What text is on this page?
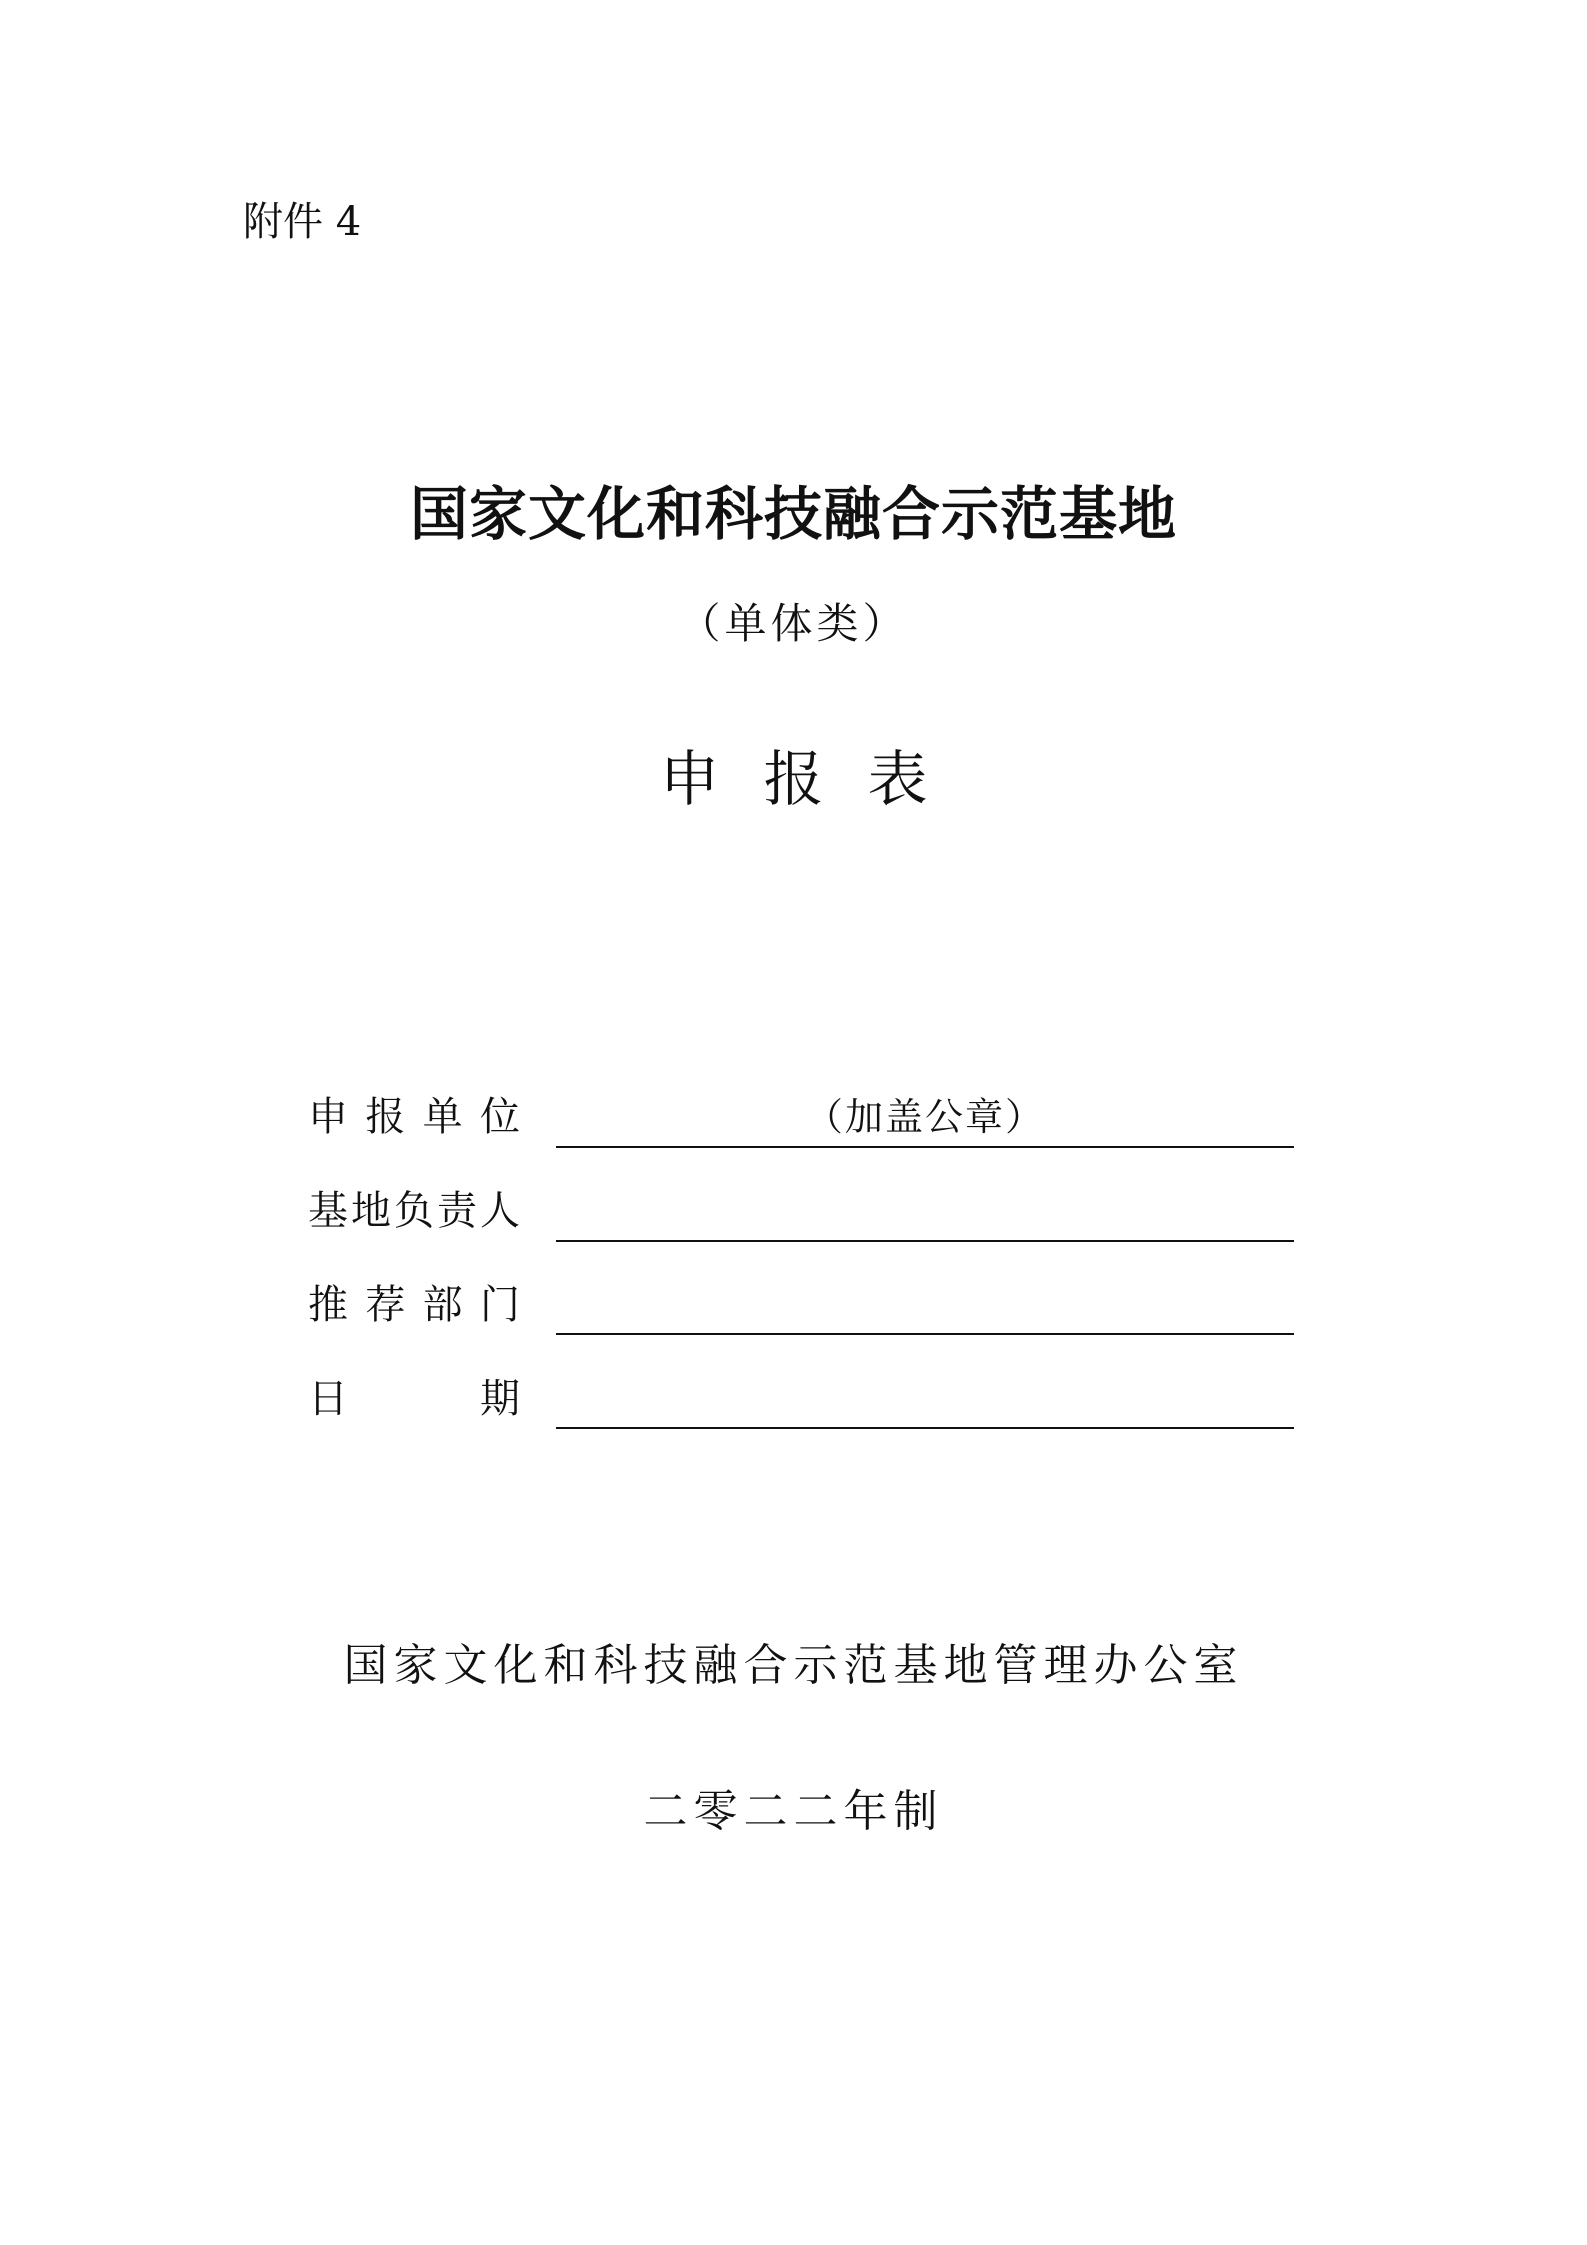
附件 4
国家文化和科技融合示范基地
（单体类）
申报表
申 报 单 位	（加盖公章）
基 地 负 责 人
推 荐 部 门
日	期
国家文化和科技融合示范基地管理办公室
二零二二年制
